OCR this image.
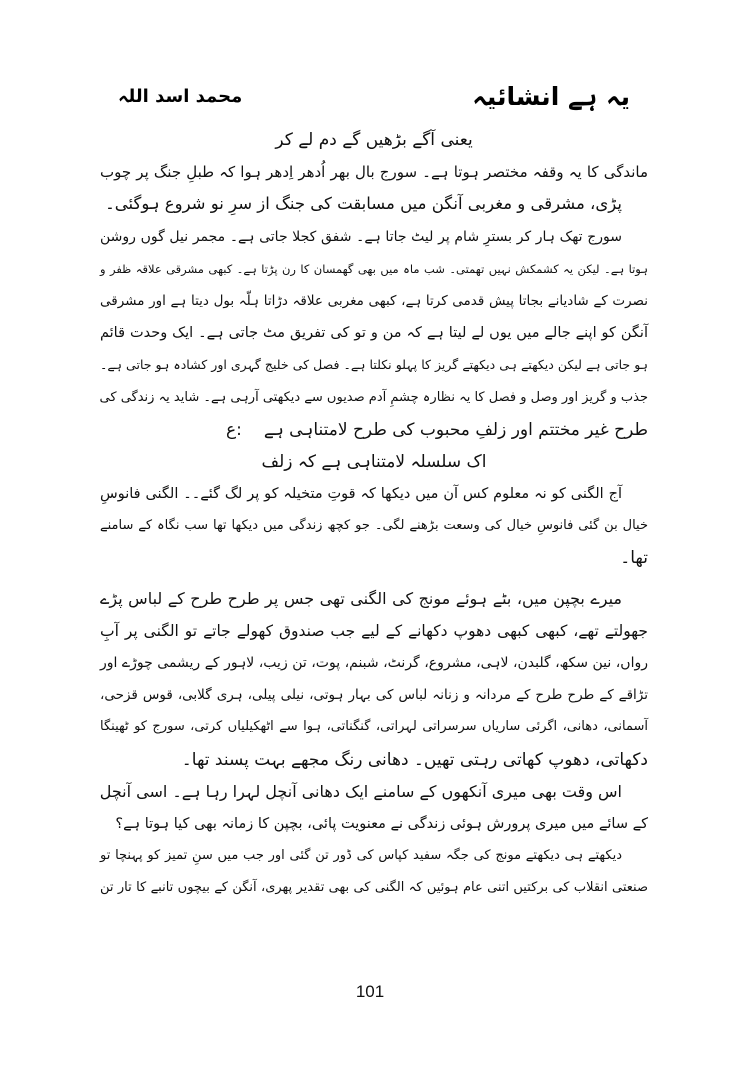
یہ ہے انشائیہ
محمد اسد اللہ
یعنی آگے بڑھیں گے دم لے کر
ماندگی کا یہ وقفہ مختصر ہوتا ہے۔ سورج بال بھر اُدھر اِدھر ہوا کہ طبلِ جنگ پر چوب
پڑی، مشرقی و مغربی آنگن میں مسابقت کی جنگ از سرِ نو شروع ہوگئی۔
سورج تھک ہار کر بسترِ شام پر لیٹ جاتا ہے۔ شفق کجلا جاتی ہے۔ مجمر نیل گوں روشن
ہوتا ہے۔ لیکن یہ کشمکش نہیں تھمتی۔ شب ماہ میں بھی گھمسان کا رن پڑتا ہے۔ کبھی مشرقی علاقہ ظفر و
نصرت کے شادیانے بجاتا پیش قدمی کرتا ہے، کبھی مغربی علاقہ دڑاتا ہلّہ بول دیتا ہے اور مشرقی
آنگن کو اپنے جالے میں یوں لے لیتا ہے کہ من و تو کی تفریق مٹ جاتی ہے۔ ایک وحدت قائم
ہو جاتی ہے لیکن دیکھتے ہی دیکھتے گریز کا پہلو نکلتا ہے۔ فصل کی خلیج گہری اور کشادہ ہو جاتی ہے۔
جذب و گریز اور وصل و فصل کا یہ نظارہ چشمِ آدم صدیوں سے دیکھتی آرہی ہے۔ شاید یہ زندگی کی
طرح غیر مختتم اور زلفِ محبوب کی طرح لامتناہی ہے:ع
اک سلسلہ لامتناہی ہے کہ زلف
آج الگنی کو نہ معلوم کس آن میں دیکھا کہ قوتِ متخیلہ کو پر لگ گئے۔۔ الگنی فانوسِ
خیال بن گئی فانوسِ خیال کی وسعت بڑھنے لگی۔ جو کچھ زندگی میں دیکھا تھا سب نگاہ کے سامنے
تھا۔
میرے بچپن میں، بٹے ہوئے مونج کی الگنی تھی جس پر طرح طرح کے لباس پڑے
جھولتے تھے، کبھی کبھی دھوپ دکھانے کے لیے جب صندوق کھولے جاتے تو الگنی پر آبِ
رواں، نین سکھ، گلبدن، لاہی، مشروع، گرنٹ، شبنم، پوت، تن زیب، لاہور کے ریشمی چوڑے اور
تڑاقے کے طرح طرح کے مردانہ و زنانہ لباس کی بہار ہوتی، نیلی پیلی، ہری گلابی، قوس قزحی،
آسمانی، دھانی، اگرئی ساریاں سرسراتی لہراتی، گنگناتی، ہوا سے اٹھکیلیاں کرتی، سورج کو ٹھینگا
دکھاتی، دھوپ کھاتی رہتی تھیں۔ دھانی رنگ مجھے بہت پسند تھا۔
اس وقت بھی میری آنکھوں کے سامنے ایک دھانی آنچل لہرا رہا ہے۔ اسی آنچل
کے سائے میں میری پرورش ہوئی زندگی نے معنویت پائی، بچپن کا زمانہ بھی کیا ہوتا ہے؟
دیکھتے ہی دیکھتے مونج کی جگہ سفید کپاس کی ڈور تن گئی اور جب میں سنِ تمیز کو پہنچا تو
صنعتی انقلاب کی برکتیں اتنی عام ہوئیں کہ الگنی کی بھی تقدیر پھری، آنگن کے بیچوں تانبے کا تار تن
101
